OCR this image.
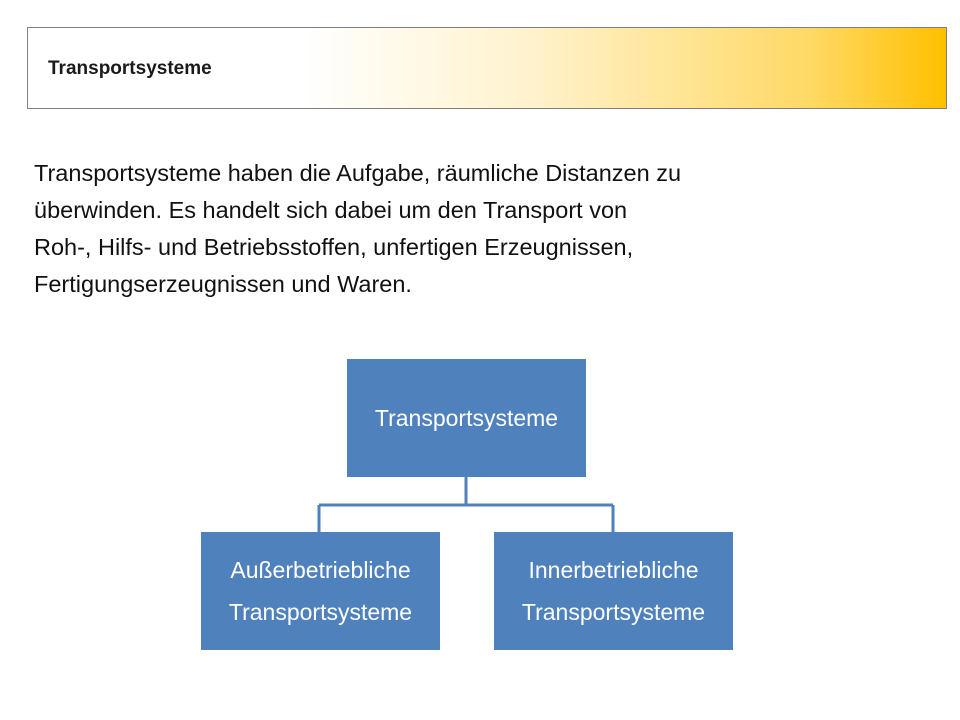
Transportsysteme
Transportsysteme haben die Aufgabe, räumliche Distanzen zu
überwinden. Es handelt sich dabei um den Transport von
Roh-, Hilfs- und Betriebsstoffen, unfertigen Erzeugnissen,
Fertigungserzeugnissen und Waren.
Transportsysteme
Außerbetriebliche
Transportsysteme
Innerbetriebliche
Transportsysteme
